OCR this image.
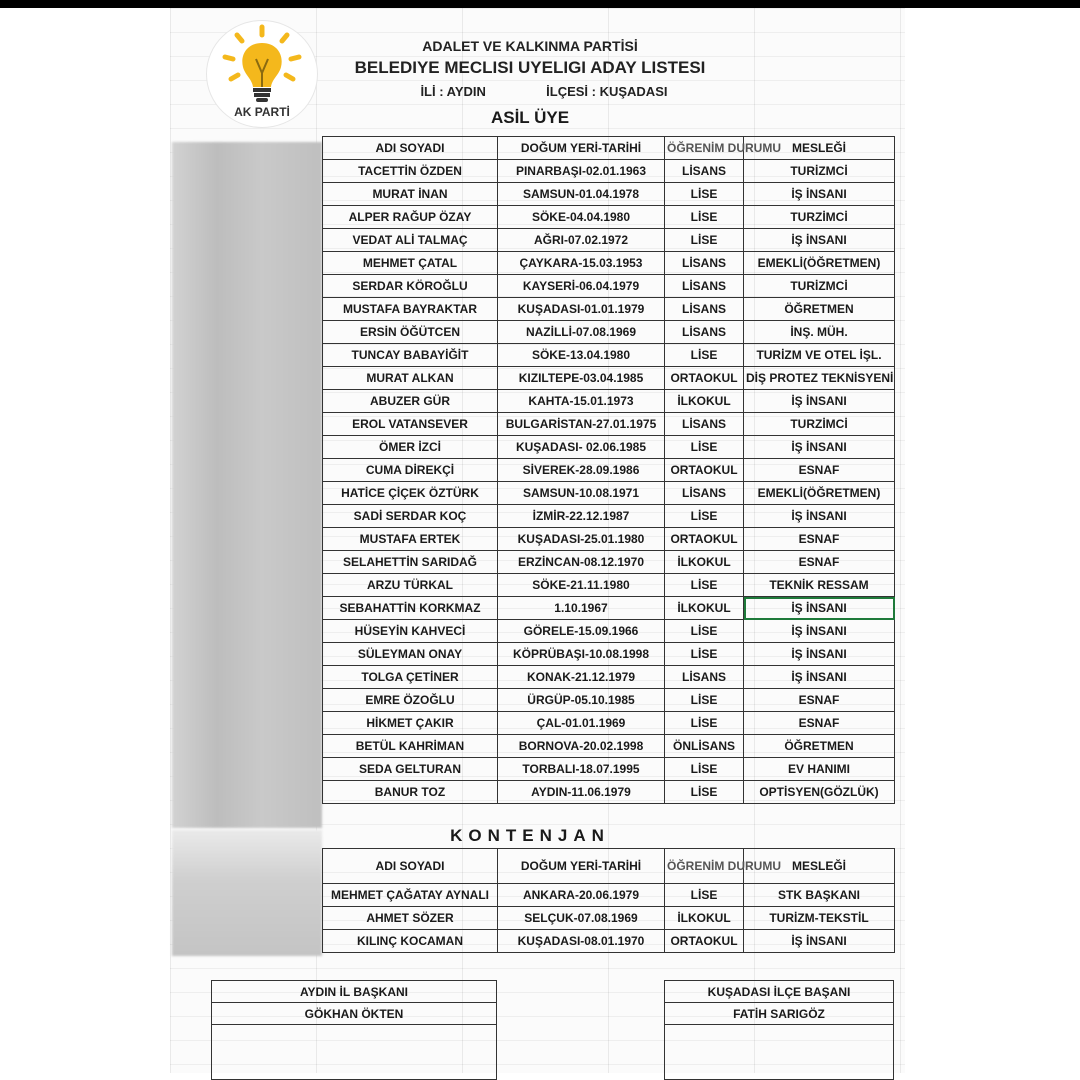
AK PARTİ
ADALET VE KALKINMA PARTİSİ
BELEDIYE MECLISI UYELIGI ADAY LISTESI
İLİ : AYDIN	İLÇESİ : KUŞADASI
ASİL ÜYE
ADI SOYADI	DOĞUM YERİ-TARİHİ	ÖĞRENİM DURUMU	MESLEĞİ
TACETTİN ÖZDEN	PINARBAŞI-02.01.1963	LİSANS	TURİZMCİ
MURAT İNAN	SAMSUN-01.04.1978	LİSE	İŞ İNSANI
ALPER RAĞUP ÖZAY	SÖKE-04.04.1980	LİSE	TURZİMCİ
VEDAT ALİ TALMAÇ	AĞRI-07.02.1972	LİSE	İŞ İNSANI
MEHMET ÇATAL	ÇAYKARA-15.03.1953	LİSANS	EMEKLİ(ÖĞRETMEN)
SERDAR KÖROĞLU	KAYSERİ-06.04.1979	LİSANS	TURİZMCİ
MUSTAFA BAYRAKTAR	KUŞADASI-01.01.1979	LİSANS	ÖĞRETMEN
ERSİN ÖĞÜTCEN	NAZİLLİ-07.08.1969	LİSANS	İNŞ. MÜH.
TUNCAY BABAYİĞİT	SÖKE-13.04.1980	LİSE	TURİZM VE OTEL İŞL.
MURAT ALKAN	KIZILTEPE-03.04.1985	ORTAOKUL	DİŞ PROTEZ TEKNİSYENİ
ABUZER GÜR	KAHTA-15.01.1973	İLKOKUL	İŞ İNSANI
EROL VATANSEVER	BULGARİSTAN-27.01.1975	LİSANS	TURZİMCİ
ÖMER İZCİ	KUŞADASI- 02.06.1985	LİSE	İŞ İNSANI
CUMA DİREKÇİ	SİVEREK-28.09.1986	ORTAOKUL	ESNAF
HATİCE ÇİÇEK ÖZTÜRK	SAMSUN-10.08.1971	LİSANS	EMEKLİ(ÖĞRETMEN)
SADİ SERDAR KOÇ	İZMİR-22.12.1987	LİSE	İŞ İNSANI
MUSTAFA ERTEK	KUŞADASI-25.01.1980	ORTAOKUL	ESNAF
SELAHETTİN SARIDAĞ	ERZİNCAN-08.12.1970	İLKOKUL	ESNAF
ARZU TÜRKAL	SÖKE-21.11.1980	LİSE	TEKNİK RESSAM
SEBAHATTİN KORKMAZ	1.10.1967	İLKOKUL	İŞ İNSANI
HÜSEYİN KAHVECİ	GÖRELE-15.09.1966	LİSE	İŞ İNSANI
SÜLEYMAN ONAY	KÖPRÜBAŞI-10.08.1998	LİSE	İŞ İNSANI
TOLGA ÇETİNER	KONAK-21.12.1979	LİSANS	İŞ İNSANI
EMRE ÖZOĞLU	ÜRGÜP-05.10.1985	LİSE	ESNAF
HİKMET ÇAKIR	ÇAL-01.01.1969	LİSE	ESNAF
BETÜL KAHRİMAN	BORNOVA-20.02.1998	ÖNLİSANS	ÖĞRETMEN
SEDA GELTURAN	TORBALI-18.07.1995	LİSE	EV HANIMI
BANUR TOZ	AYDIN-11.06.1979	LİSE	OPTİSYEN(GÖZLÜK)
KONTENJAN
ADI SOYADI	DOĞUM YERİ-TARİHİ	ÖĞRENİM DURUMU	MESLEĞİ
MEHMET ÇAĞATAY AYNALI	ANKARA-20.06.1979	LİSE	STK BAŞKANI
AHMET SÖZER	SELÇUK-07.08.1969	İLKOKUL	TURİZM-TEKSTİL
KILINÇ KOCAMAN	KUŞADASI-08.01.1970	ORTAOKUL	İŞ İNSANI
AYDIN İL BAŞKANI
GÖKHAN ÖKTEN

KUŞADASI İLÇE BAŞANI
FATİH SARIGÖZ
